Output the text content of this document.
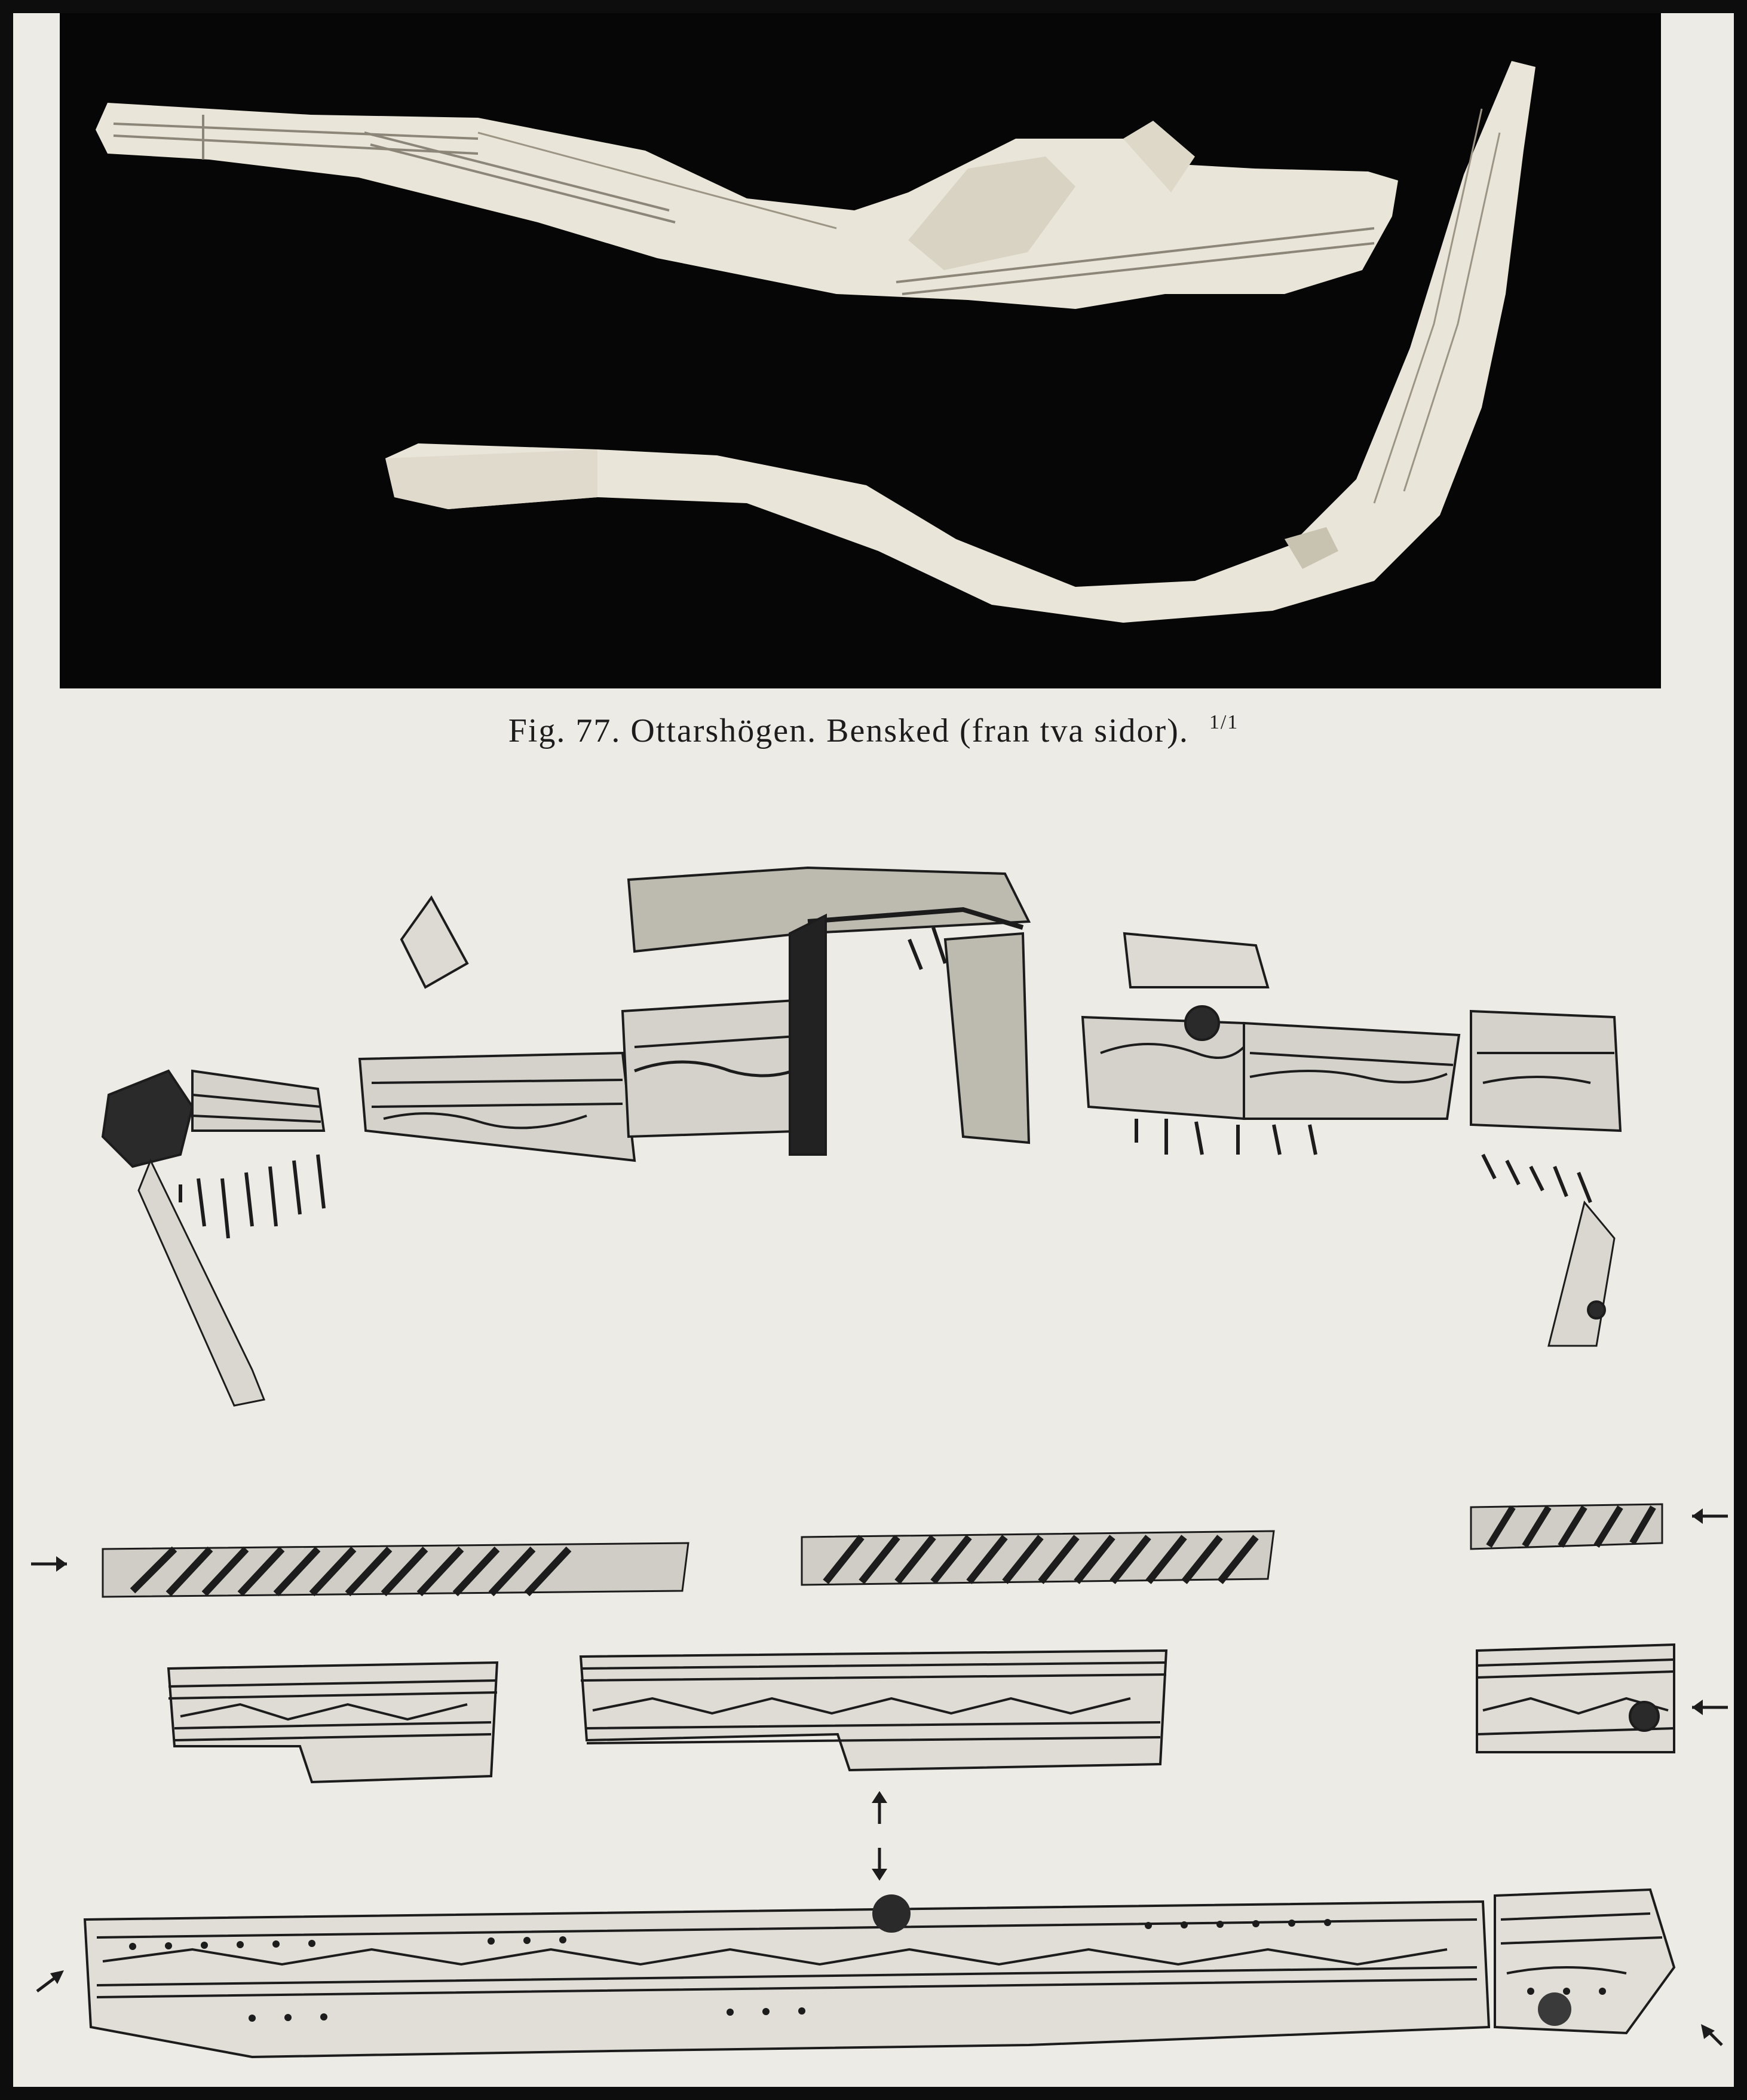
Fig. 77. Ottarshögen. Bensked (fran tva sidor). $^{1/1}$
